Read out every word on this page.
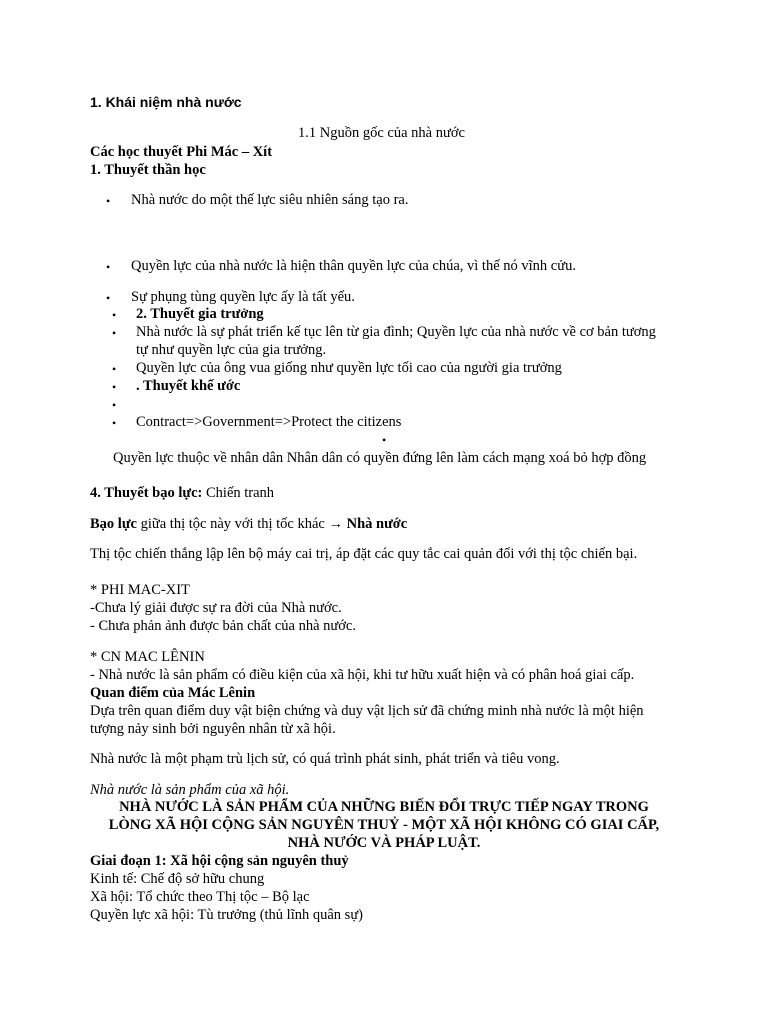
1. Khái niệm nhà nước
1.1 Nguồn gốc của nhà nước
Các học thuyết Phi Mác – Xít
1. Thuyết thần học
• Nhà nước do một thế lực siêu nhiên sáng tạo ra.
• Quyền lực của nhà nước là hiện thân quyền lực của chúa, vì thế nó vĩnh cửu.
• Sự phụng tùng quyền lực ấy là tất yếu.
• 2. Thuyết gia trưởng
• Nhà nước là sự phát triển kế tục lên từ gia đình; Quyền lực của nhà nước về cơ bản tương
tự như quyền lực của gia trưởng.
• Quyền lực của ông vua giống như quyền lực tối cao của người gia trưởng
• . Thuyết khế ước
•
• Contract=>Government=>Protect the citizens
•
Quyền lực thuộc về nhân dân Nhân dân có quyền đứng lên làm cách mạng xoá bỏ hợp đồng
4. Thuyết bạo lực: Chiến tranh
Bạo lực giữa thị tộc này với thị tốc khác → Nhà nước
Thị tộc chiến thắng lập lên bộ máy cai trị, áp đặt các quy tắc cai quản đối với thị tộc chiến bại.
* PHI MAC-XIT
-Chưa lý giải được sự ra đời của Nhà nước.
- Chưa phản ảnh được bản chất của nhà nước.
* CN MAC LÊNIN
- Nhà nước là sản phẩm có điều kiện của xã hội, khi tư hữu xuất hiện và có phân hoá giai cấp.
Quan điểm của Mác Lênin
Dựa trên quan điểm duy vật biện chứng và duy vật lịch sử đã chứng minh nhà nước là một hiện
tượng nảy sinh bởi nguyên nhân từ xã hội.
Nhà nước là một phạm trù lịch sử, có quá trình phát sinh, phát triển và tiêu vong.
Nhà nước là sản phẩm của xã hội.
NHÀ NƯỚC LÀ SẢN PHẨM CỦA NHỮNG BIẾN ĐỔI TRỰC TIẾP NGAY TRONG
LÒNG XÃ HỘI CỘNG SẢN NGUYÊN THUỶ - MỘT XÃ HỘI KHÔNG CÓ GIAI CẤP,
NHÀ NƯỚC VÀ PHÁP LUẬT.
Giai đoạn 1: Xã hội cộng sản nguyên thuỷ
Kinh tế: Chế độ sở hữu chung
Xã hội: Tổ chức theo Thị tộc – Bộ lạc
Quyền lực xã hội: Tù trưởng (thủ lĩnh quân sự)
